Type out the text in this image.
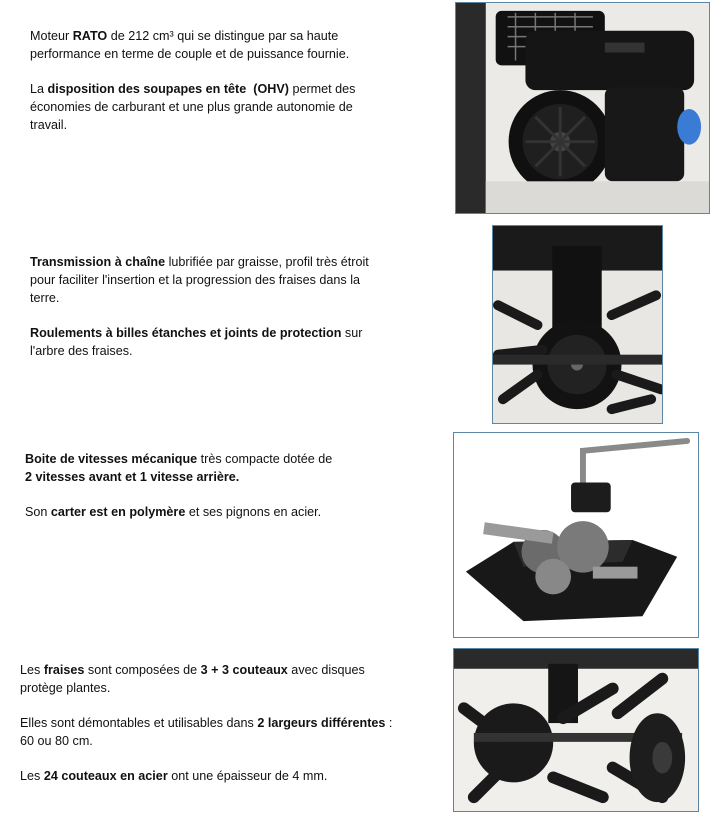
Moteur RATO de 212 cm³ qui se distingue par sa haute
performance en terme de couple et de puissance fournie.

La disposition des soupapes en tête (OHV) permet des
économies de carburant et une plus grande autonomie de
travail.

Transmission à chaîne lubrifiée par graisse, profil très étroit
pour faciliter l'insertion et la progression des fraises dans la
terre.

Roulements à billes étanches et joints de protection sur
l'arbre des fraises.

Boite de vitesses mécanique très compacte dotée de
2 vitesses avant et 1 vitesse arrière.

Son carter est en polymère et ses pignons en acier.

Les fraises sont composées de 3 + 3 couteaux avec disques
protège plantes.

Elles sont démontables et utilisables dans 2 largeurs différentes :
60 ou 80 cm.

Les 24 couteaux en acier ont une épaisseur de 4 mm.
